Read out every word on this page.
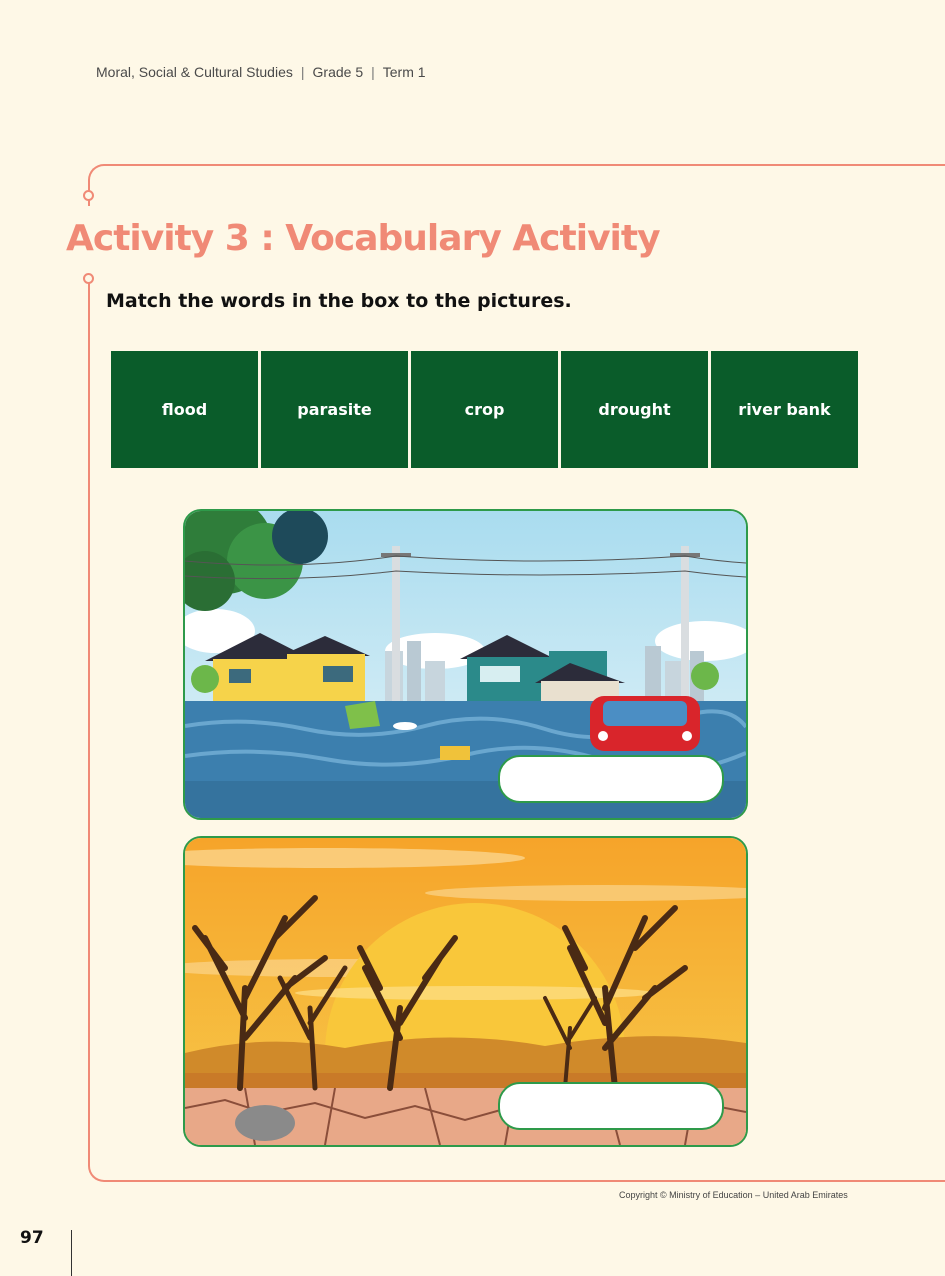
Moral, Social & Cultural Studies | Grade 5 | Term 1
Activity 3 : Vocabulary Activity

Match the words in the box to the pictures.

flood	parasite	crop	drought	river bank
Copyright © Ministry of Education – United Arab Emirates
97
